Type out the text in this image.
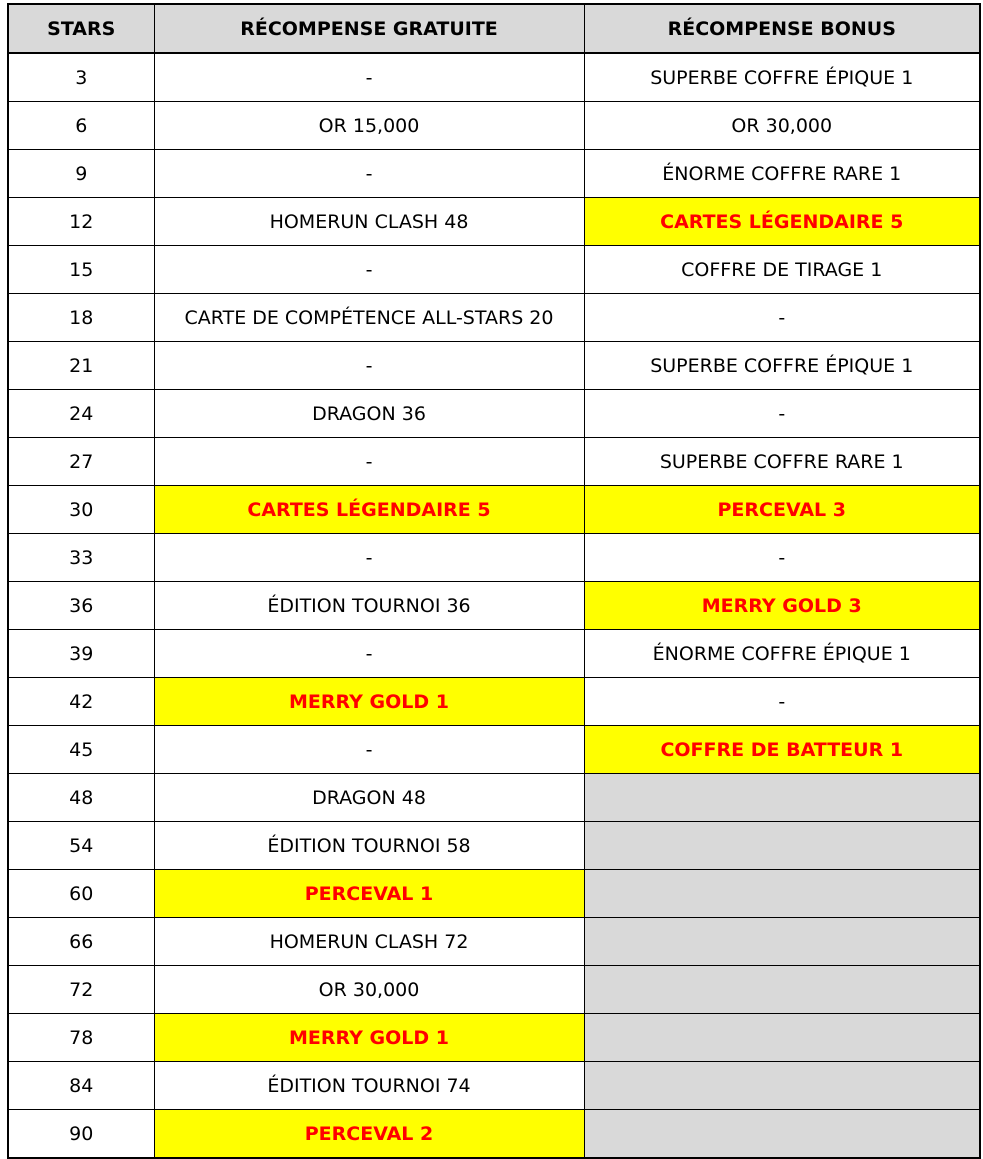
STARS	RÉCOMPENSE GRATUITE	RÉCOMPENSE BONUS
3	-	SUPERBE COFFRE ÉPIQUE 1
6	OR 15,000	OR 30,000
9	-	ÉNORME COFFRE RARE 1
12	HOMERUN CLASH 48	CARTES LÉGENDAIRE 5
15	-	COFFRE DE TIRAGE 1
18	CARTE DE COMPÉTENCE ALL-STARS 20	-
21	-	SUPERBE COFFRE ÉPIQUE 1
24	DRAGON 36	-
27	-	SUPERBE COFFRE RARE 1
30	CARTES LÉGENDAIRE 5	PERCEVAL 3
33	-	-
36	ÉDITION TOURNOI 36	MERRY GOLD 3
39	-	ÉNORME COFFRE ÉPIQUE 1
42	MERRY GOLD 1	-
45	-	COFFRE DE BATTEUR 1
48	DRAGON 48	
54	ÉDITION TOURNOI 58	
60	PERCEVAL 1	
66	HOMERUN CLASH 72	
72	OR 30,000	
78	MERRY GOLD 1	
84	ÉDITION TOURNOI 74	
90	PERCEVAL 2	
